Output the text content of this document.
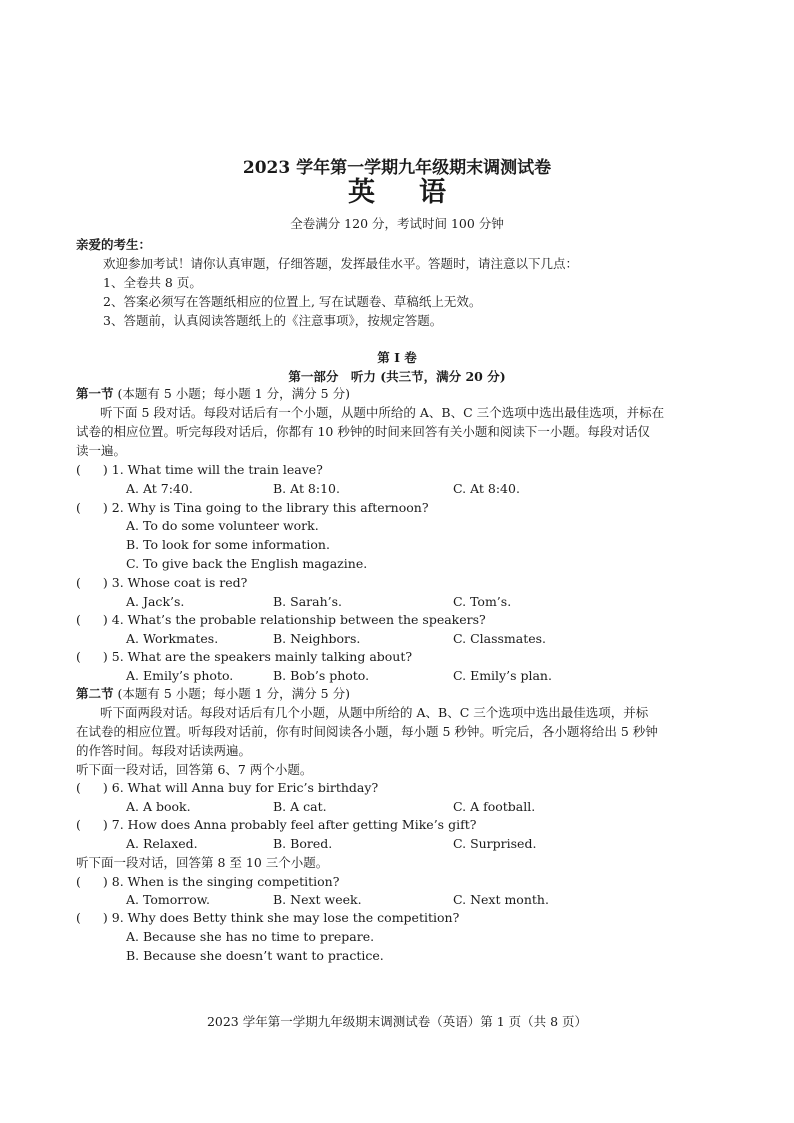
2023 学年第一学期九年级期末调测试卷
英语
全卷满分 120 分，考试时间 100 分钟
亲爱的考生：
欢迎参加考试！请你认真审题，仔细答题，发挥最佳水平。答题时，请注意以下几点：
1、全卷共 8 页。
2、答案必须写在答题纸相应的位置上, 写在试题卷、草稿纸上无效。
3、答题前，认真阅读答题纸上的《注意事项》，按规定答题。
第 I 卷
第一部分　听力 (共三节，满分 20 分)
第一节 (本题有 5 小题；每小题 1 分，满分 5 分)
听下面 5 段对话。每段对话后有一个小题，从题中所给的 A、B、C 三个选项中选出最佳选项，并标在
试卷的相应位置。听完每段对话后，你都有 10 秒钟的时间来回答有关小题和阅读下一小题。每段对话仅
读一遍。
( ) 1. What time will the train leave?
A. At 7:40.	B. At 8:10.	C. At 8:40.
( ) 2. Why is Tina going to the library this afternoon?
A. To do some volunteer work.
B. To look for some information.
C. To give back the English magazine.
( ) 3. Whose coat is red?
A. Jack’s.	B. Sarah’s.	C. Tom’s.
( ) 4. What’s the probable relationship between the speakers?
A. Workmates.	B. Neighbors.	C. Classmates.
( ) 5. What are the speakers mainly talking about?
A. Emily’s photo.	B. Bob’s photo.	C. Emily’s plan.
第二节 (本题有 5 小题；每小题 1 分，满分 5 分)
听下面两段对话。每段对话后有几个小题，从题中所给的 A、B、C 三个选项中选出最佳选项，并标
在试卷的相应位置。听每段对话前，你有时间阅读各小题，每小题 5 秒钟。听完后，各小题将给出 5 秒钟
的作答时间。每段对话读两遍。
听下面一段对话，回答第 6、7 两个小题。
( ) 6. What will Anna buy for Eric’s birthday?
A. A book.	B. A cat.	C. A football.
( ) 7. How does Anna probably feel after getting Mike’s gift?
A. Relaxed.	B. Bored.	C. Surprised.
听下面一段对话，回答第 8 至 10 三个小题。
( ) 8. When is the singing competition?
A. Tomorrow.	B. Next week.	C. Next month.
( ) 9. Why does Betty think she may lose the competition?
A. Because she has no time to prepare.
B. Because she doesn’t want to practice.
2023 学年第一学期九年级期末调测试卷（英语）第 1 页（共 8 页）
